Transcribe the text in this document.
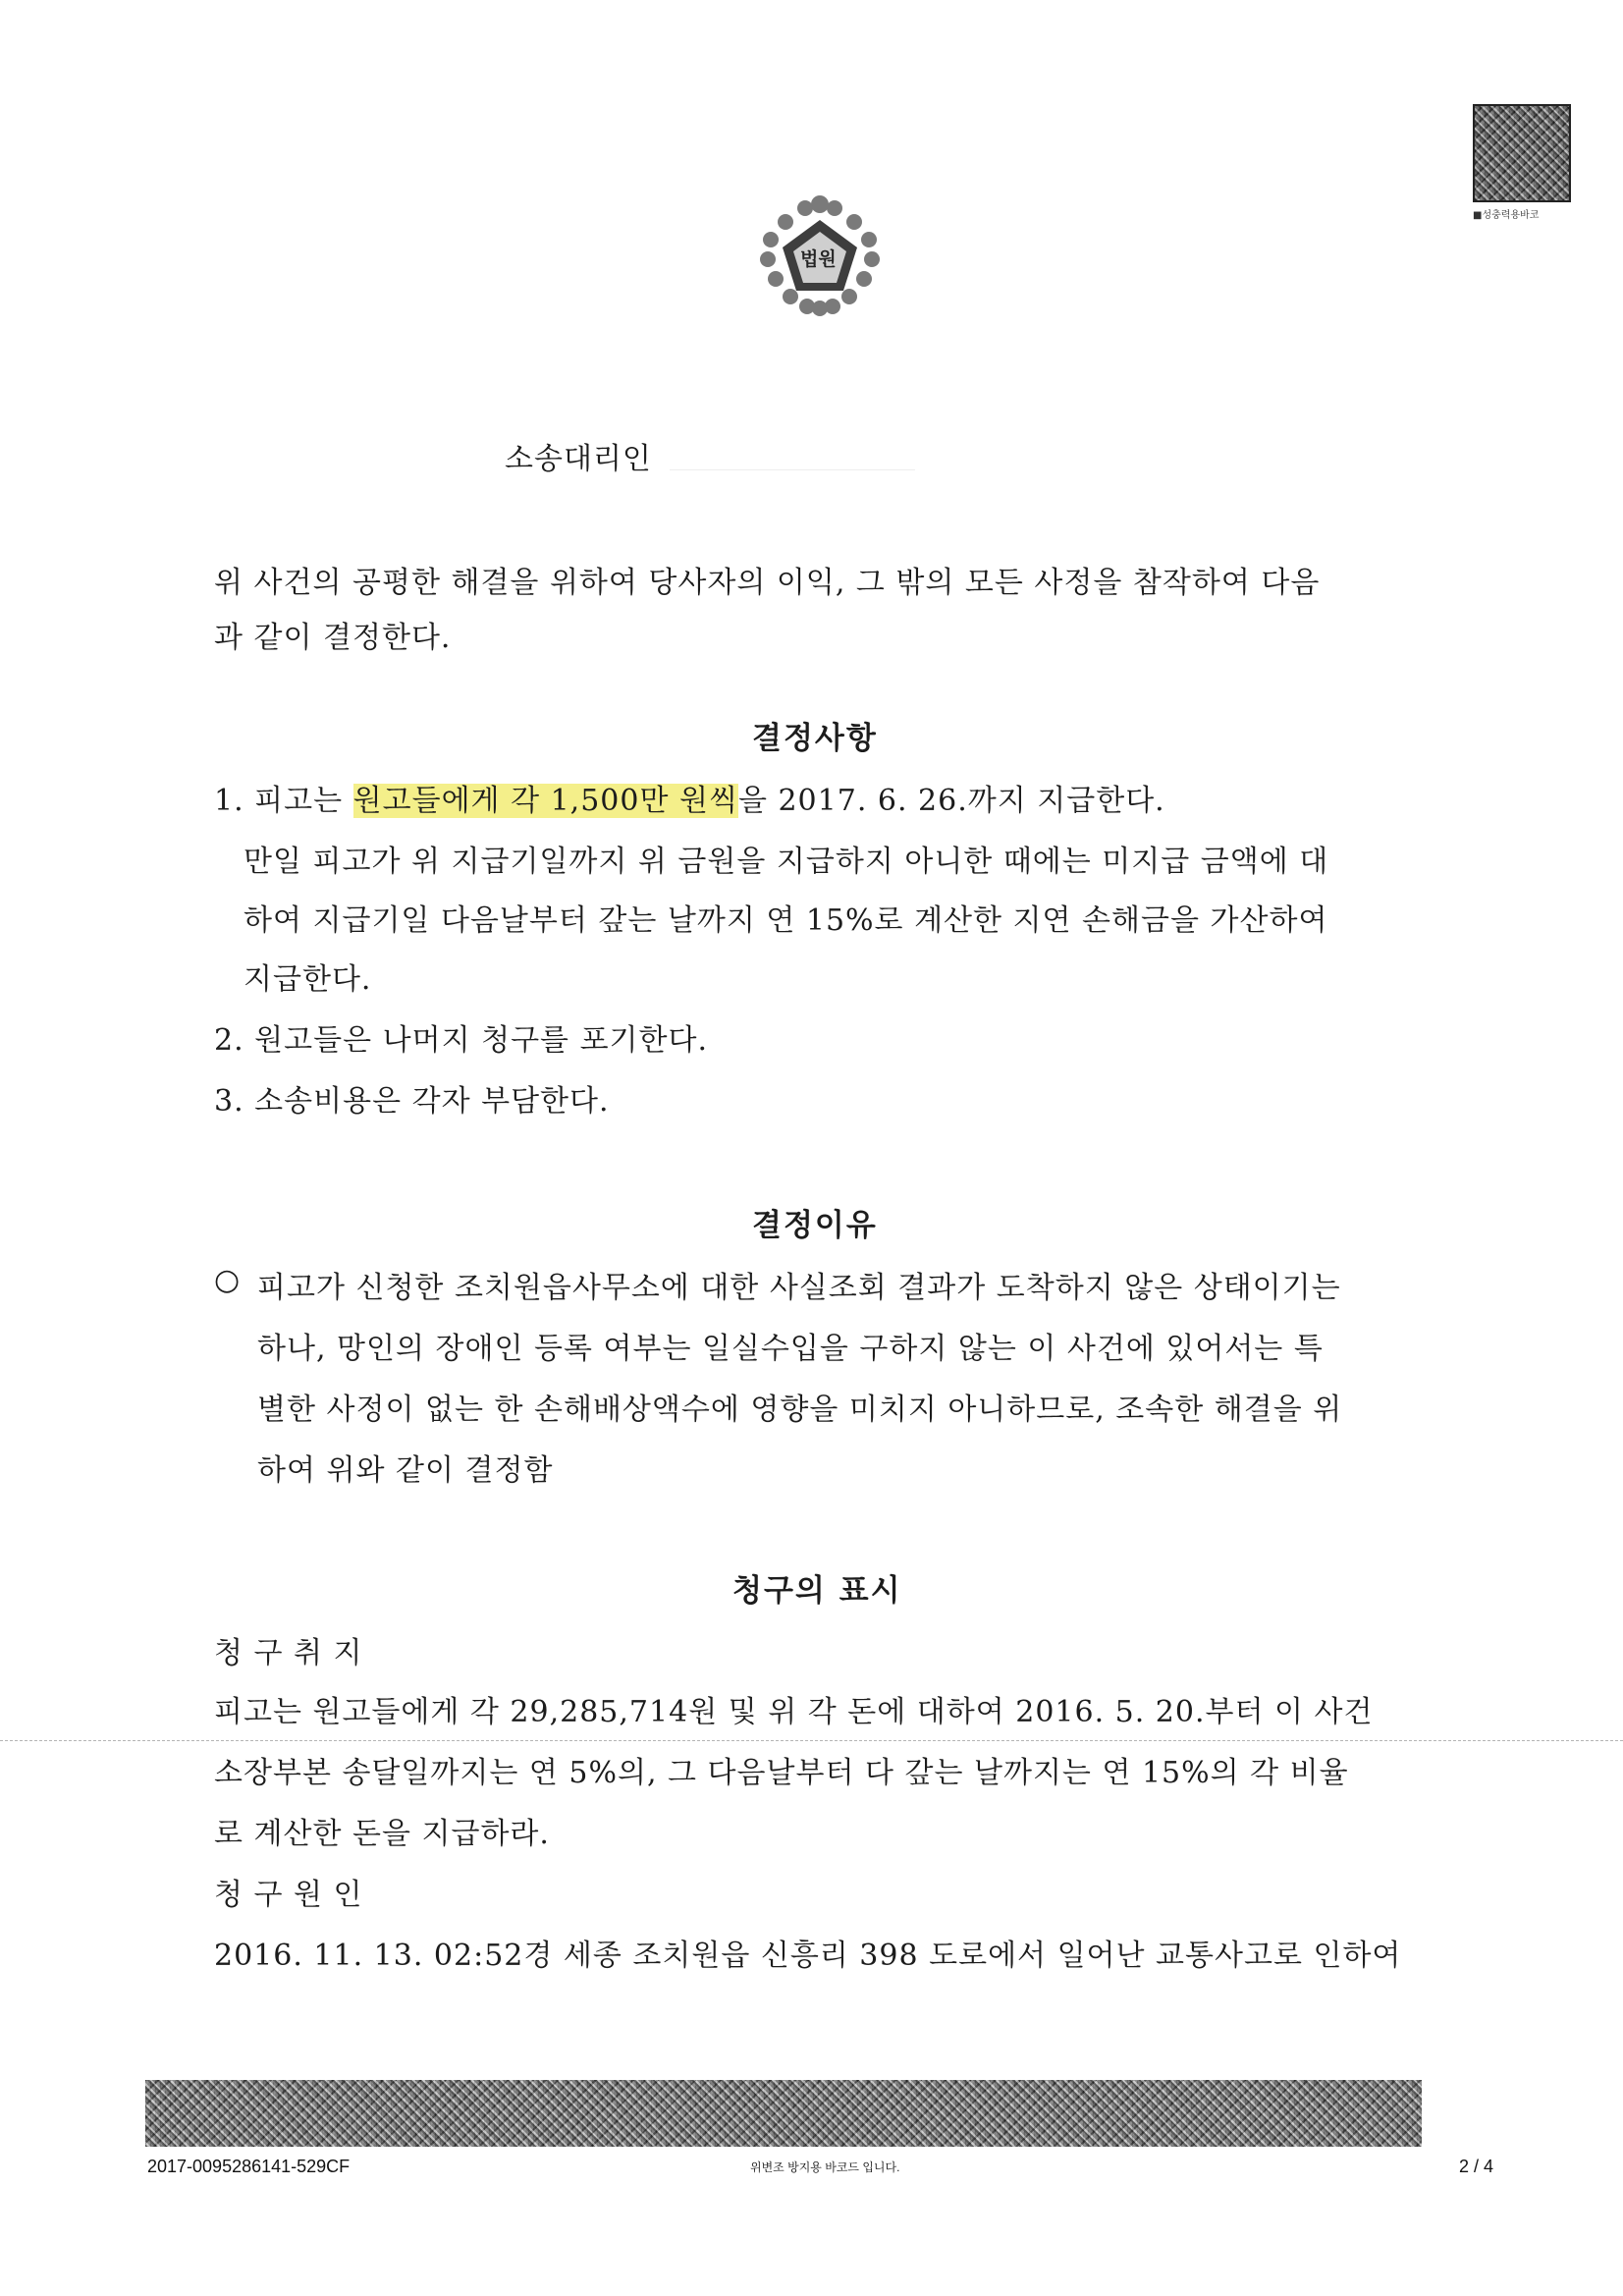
법원
■성충력용바코
소송대리인
위 사건의 공평한 해결을 위하여 당사자의 이익, 그 밖의 모든 사정을 참작하여 다음
과 같이 결정한다.
결정사항
1. 피고는 원고들에게 각 1,500만 원씩을 2017. 6. 26.까지 지급한다.
만일 피고가 위 지급기일까지 위 금원을 지급하지 아니한 때에는 미지급 금액에 대
하여 지급기일 다음날부터 갚는 날까지 연 15%로 계산한 지연 손해금을 가산하여
지급한다.
2. 원고들은 나머지 청구를 포기한다.
3. 소송비용은 각자 부담한다.
결정이유
○ 피고가 신청한 조치원읍사무소에 대한 사실조회 결과가 도착하지 않은 상태이기는
하나, 망인의 장애인 등록 여부는 일실수입을 구하지 않는 이 사건에 있어서는 특
별한 사정이 없는 한 손해배상액수에 영향을 미치지 아니하므로, 조속한 해결을 위
하여 위와 같이 결정함
청구의 표시
청 구 취 지
피고는 원고들에게 각 29,285,714원 및 위 각 돈에 대하여 2016. 5. 20.부터 이 사건
소장부본 송달일까지는 연 5%의, 그 다음날부터 다 갚는 날까지는 연 15%의 각 비율
로 계산한 돈을 지급하라.
청 구 원 인
2016. 11. 13. 02:52경 세종 조치원읍 신흥리 398 도로에서 일어난 교통사고로 인하여
2017-0095286141-529CF	위변조 방지용 바코드 입니다.	2 / 4
